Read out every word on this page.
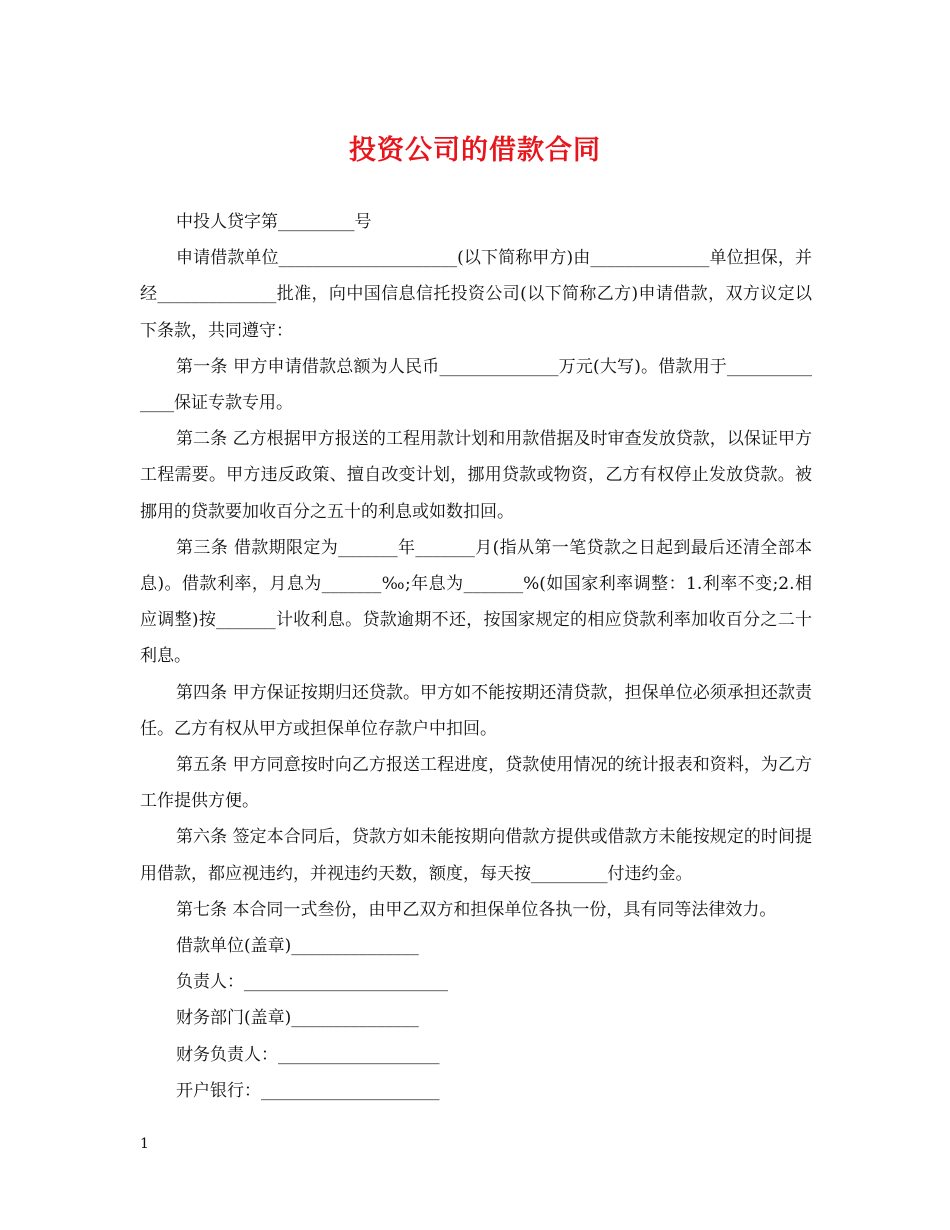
投资公司的借款合同

中投人贷字第_________号

申请借款单位_____________________(以下简称甲方)由______________单位担保，并经______________批准，向中国信息信托投资公司(以下简称乙方)申请借款，双方议定以下条款，共同遵守：

第一条 甲方申请借款总额为人民币______________万元(大写)。借款用于______________保证专款专用。

第二条 乙方根据甲方报送的工程用款计划和用款借据及时审查发放贷款，以保证甲方工程需要。甲方违反政策、擅自改变计划，挪用贷款或物资，乙方有权停止发放贷款。被挪用的贷款要加收百分之五十的利息或如数扣回。

第三条 借款期限定为_______年_______月(指从第一笔贷款之日起到最后还清全部本息)。借款利率，月息为_______‰;年息为_______%(如国家利率调整：1.利率不变;2.相应调整)按_______计收利息。贷款逾期不还，按国家规定的相应贷款利率加收百分之二十利息。

第四条 甲方保证按期归还贷款。甲方如不能按期还清贷款，担保单位必须承担还款责任。乙方有权从甲方或担保单位存款户中扣回。

第五条 甲方同意按时向乙方报送工程进度，贷款使用情况的统计报表和资料，为乙方工作提供方便。

第六条 签定本合同后，贷款方如未能按期向借款方提供或借款方未能按规定的时间提用借款，都应视违约，并视违约天数，额度，每天按_________付违约金。

第七条 本合同一式叁份，由甲乙双方和担保单位各执一份，具有同等法律效力。

借款单位(盖章)_______________

负责人：________________________

财务部门(盖章)_______________

财务负责人：___________________

开户银行：_____________________

1
